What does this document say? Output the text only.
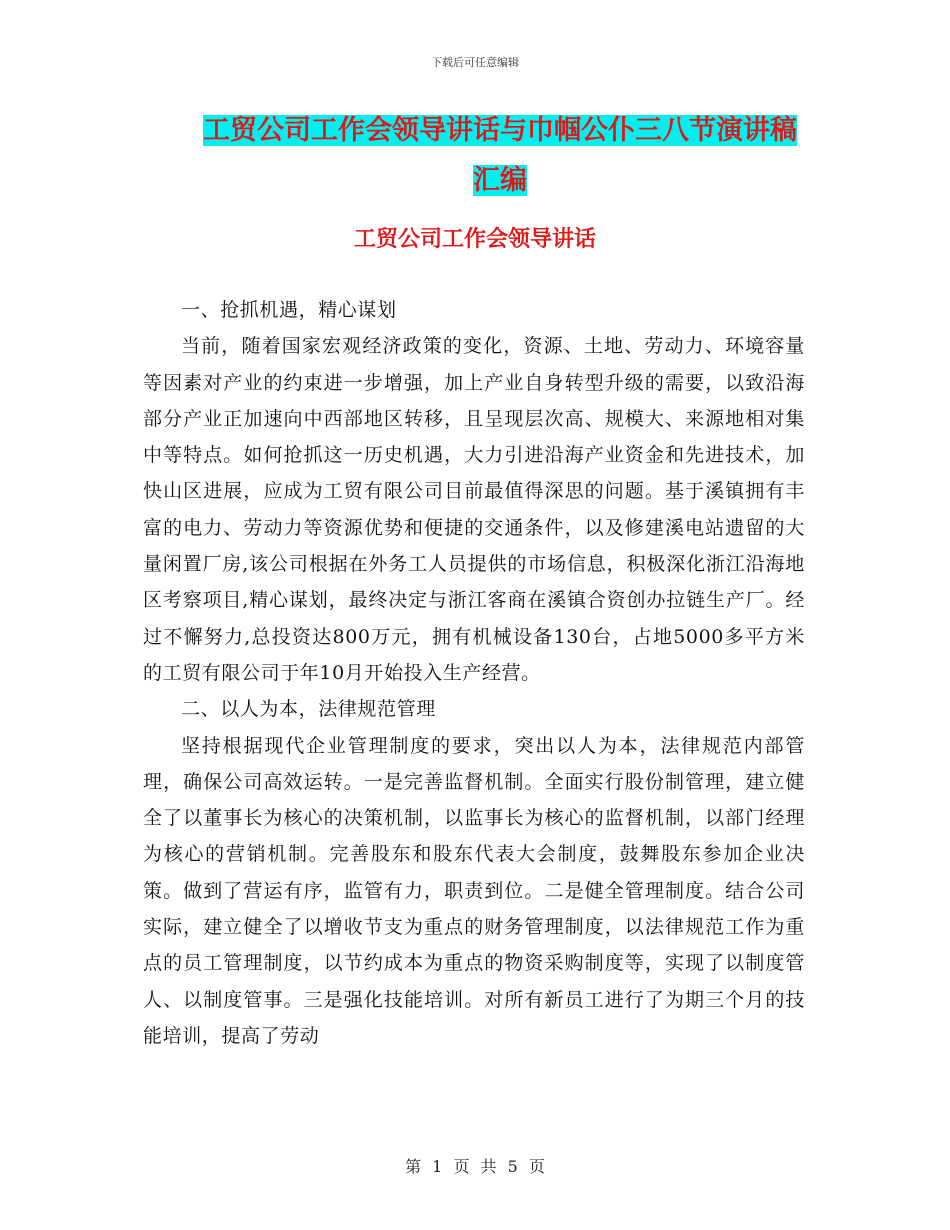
下载后可任意编辑
工贸公司工作会领导讲话与巾帼公仆三八节演讲稿汇编
工贸公司工作会领导讲话

一、抢抓机遇，精心谋划

当前，随着国家宏观经济政策的变化，资源、土地、劳动力、环境容量等因素对产业的约束进一步增强，加上产业自身转型升级的需要，以致沿海部分产业正加速向中西部地区转移，且呈现层次高、规模大、来源地相对集中等特点。如何抢抓这一历史机遇，大力引进沿海产业资金和先进技术，加快山区进展，应成为工贸有限公司目前最值得深思的问题。基于溪镇拥有丰富的电力、劳动力等资源优势和便捷的交通条件，以及修建溪电站遗留的大量闲置厂房,该公司根据在外务工人员提供的市场信息，积极深化浙江沿海地区考察项目,精心谋划，最终决定与浙江客商在溪镇合资创办拉链生产厂。经过不懈努力,总投资达800万元，拥有机械设备130台，占地5000多平方米的工贸有限公司于年10月开始投入生产经营。

二、以人为本，法律规范管理

坚持根据现代企业管理制度的要求，突出以人为本，法律规范内部管理，确保公司高效运转。一是完善监督机制。全面实行股份制管理，建立健全了以董事长为核心的决策机制，以监事长为核心的监督机制，以部门经理为核心的营销机制。完善股东和股东代表大会制度，鼓舞股东参加企业决策。做到了营运有序，监管有力，职责到位。二是健全管理制度。结合公司实际，建立健全了以增收节支为重点的财务管理制度，以法律规范工作为重点的员工管理制度，以节约成本为重点的物资采购制度等，实现了以制度管人、以制度管事。三是强化技能培训。对所有新员工进行了为期三个月的技能培训，提高了劳动

第 1 页 共 5 页
